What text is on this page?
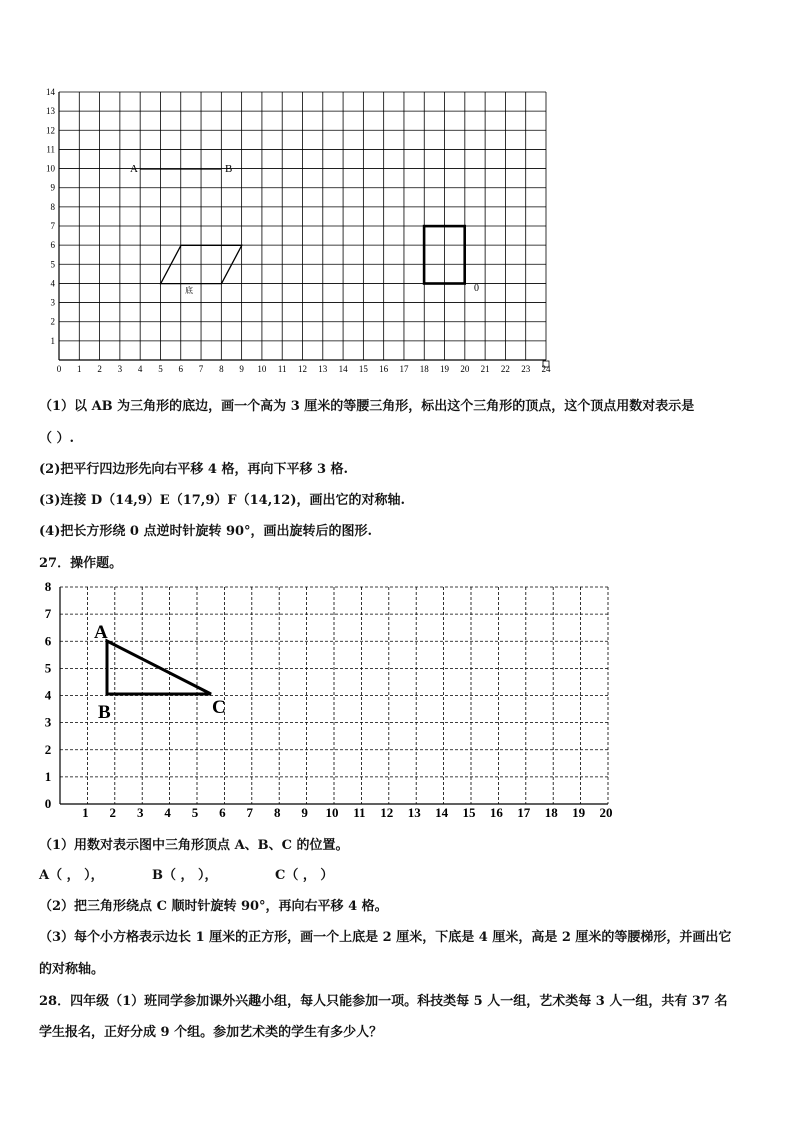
0 1 2 3 4 5 6 7 8 9 10 11 12 13 14 15 16 17 18 19 20 21 22 23 24
1
2
3
4
5
6
7
8
9
10
11
12
13
14
A	B
底	0
（1）以 AB 为三角形的底边，画一个高为 3 厘米的等腰三角形，标出这个三角形的顶点，这个顶点用数对表示是
（ ）.
(2)把平行四边形先向右平移 4 格，再向下平移 3 格.
(3)连接 D（14,9）E（17,9）F（14,12)，画出它的对称轴.
(4)把长方形绕 0 点逆时针旋转 90°，画出旋转后的图形.
27．操作题。
1 2 3 4 5 6 7 8 9 10 11 12 13 14 15 16 17 18 19 20
0
1
2
3
4
5
6
7
8
A
B	C
（1）用数对表示图中三角形顶点 A、B、C 的位置。
A（ ， ），	B（ ， ），	C（ ， ）
（2）把三角形绕点 C 顺时针旋转 90°，再向右平移 4 格。
（3）每个小方格表示边长 1 厘米的正方形，画一个上底是 2 厘米，下底是 4 厘米，高是 2 厘米的等腰梯形，并画出它
的对称轴。
28．四年级（1）班同学参加课外兴趣小组，每人只能参加一项。科技类每 5 人一组，艺术类每 3 人一组，共有 37 名
学生报名，正好分成 9 个组。参加艺术类的学生有多少人？
